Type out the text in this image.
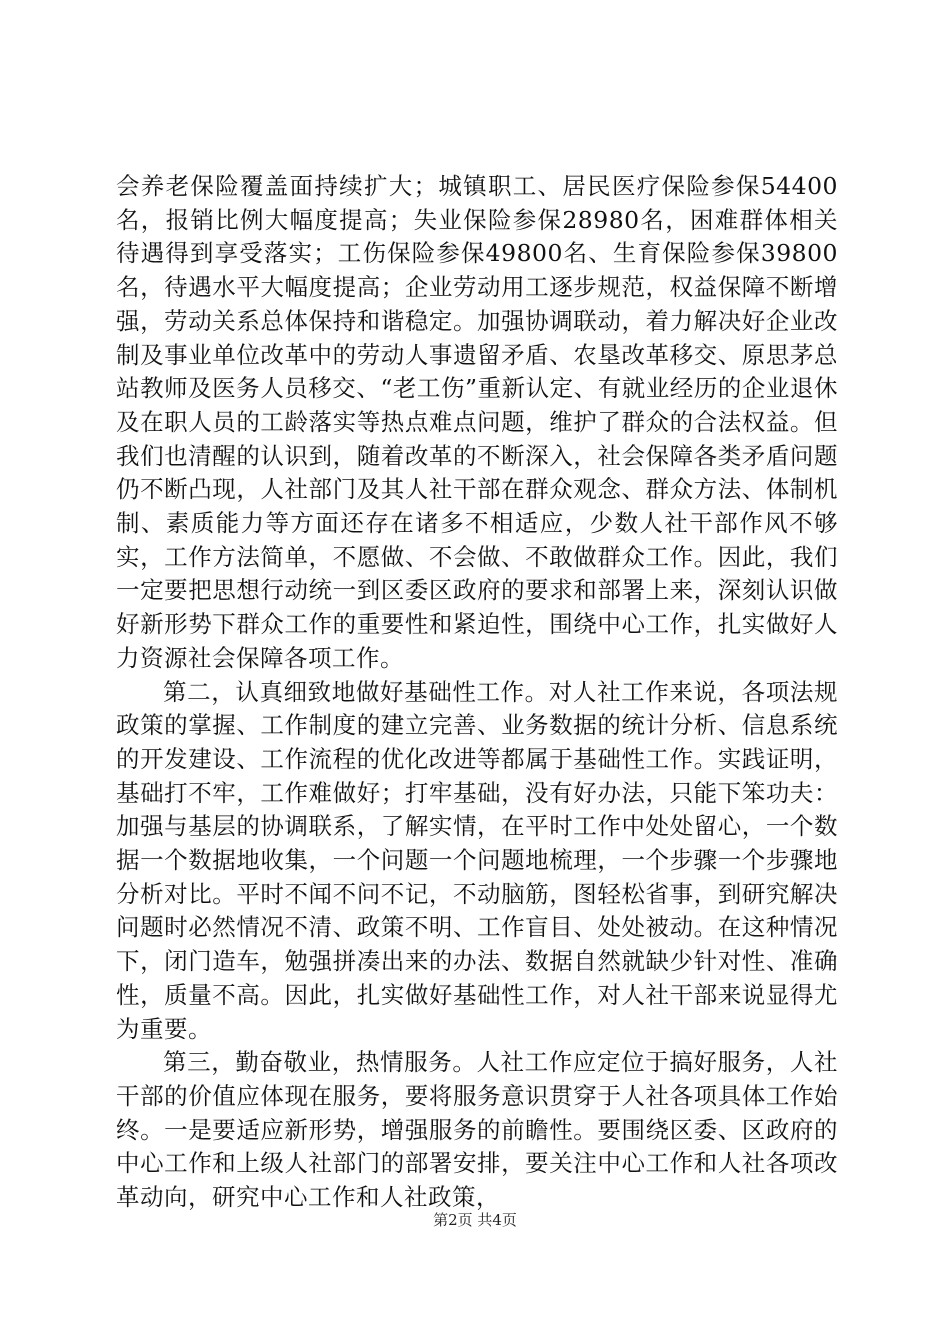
会养老保险覆盖面持续扩大；城镇职工、居民医疗保险参保54400名，报销比例大幅度提高；失业保险参保28980名，困难群体相关待遇得到享受落实；工伤保险参保49800名、生育保险参保39800名，待遇水平大幅度提高；企业劳动用工逐步规范，权益保障不断增强，劳动关系总体保持和谐稳定。加强协调联动，着力解决好企业改制及事业单位改革中的劳动人事遗留矛盾、农垦改革移交、原思茅总站教师及医务人员移交、“老工伤”重新认定、有就业经历的企业退休及在职人员的工龄落实等热点难点问题，维护了群众的合法权益。但我们也清醒的认识到，随着改革的不断深入，社会保障各类矛盾问题仍不断凸现，人社部门及其人社干部在群众观念、群众方法、体制机制、素质能力等方面还存在诸多不相适应，少数人社干部作风不够实，工作方法简单，不愿做、不会做、不敢做群众工作。因此，我们一定要把思想行动统一到区委区政府的要求和部署上来，深刻认识做好新形势下群众工作的重要性和紧迫性，围绕中心工作，扎实做好人力资源社会保障各项工作。

第二，认真细致地做好基础性工作。对人社工作来说，各项法规政策的掌握、工作制度的建立完善、业务数据的统计分析、信息系统的开发建设、工作流程的优化改进等都属于基础性工作。实践证明，基础打不牢，工作难做好；打牢基础，没有好办法，只能下笨功夫：加强与基层的协调联系，了解实情，在平时工作中处处留心，一个数据一个数据地收集，一个问题一个问题地梳理，一个步骤一个步骤地分析对比。平时不闻不问不记，不动脑筋，图轻松省事，到研究解决问题时必然情况不清、政策不明、工作盲目、处处被动。在这种情况下，闭门造车，勉强拼凑出来的办法、数据自然就缺少针对性、准确性，质量不高。因此，扎实做好基础性工作，对人社干部来说显得尤为重要。

第三，勤奋敬业，热情服务。人社工作应定位于搞好服务，人社干部的价值应体现在服务，要将服务意识贯穿于人社各项具体工作始终。一是要适应新形势，增强服务的前瞻性。要围绕区委、区政府的中心工作和上级人社部门的部署安排，要关注中心工作和人社各项改革动向，研究中心工作和人社政策，

第2页 共4页
